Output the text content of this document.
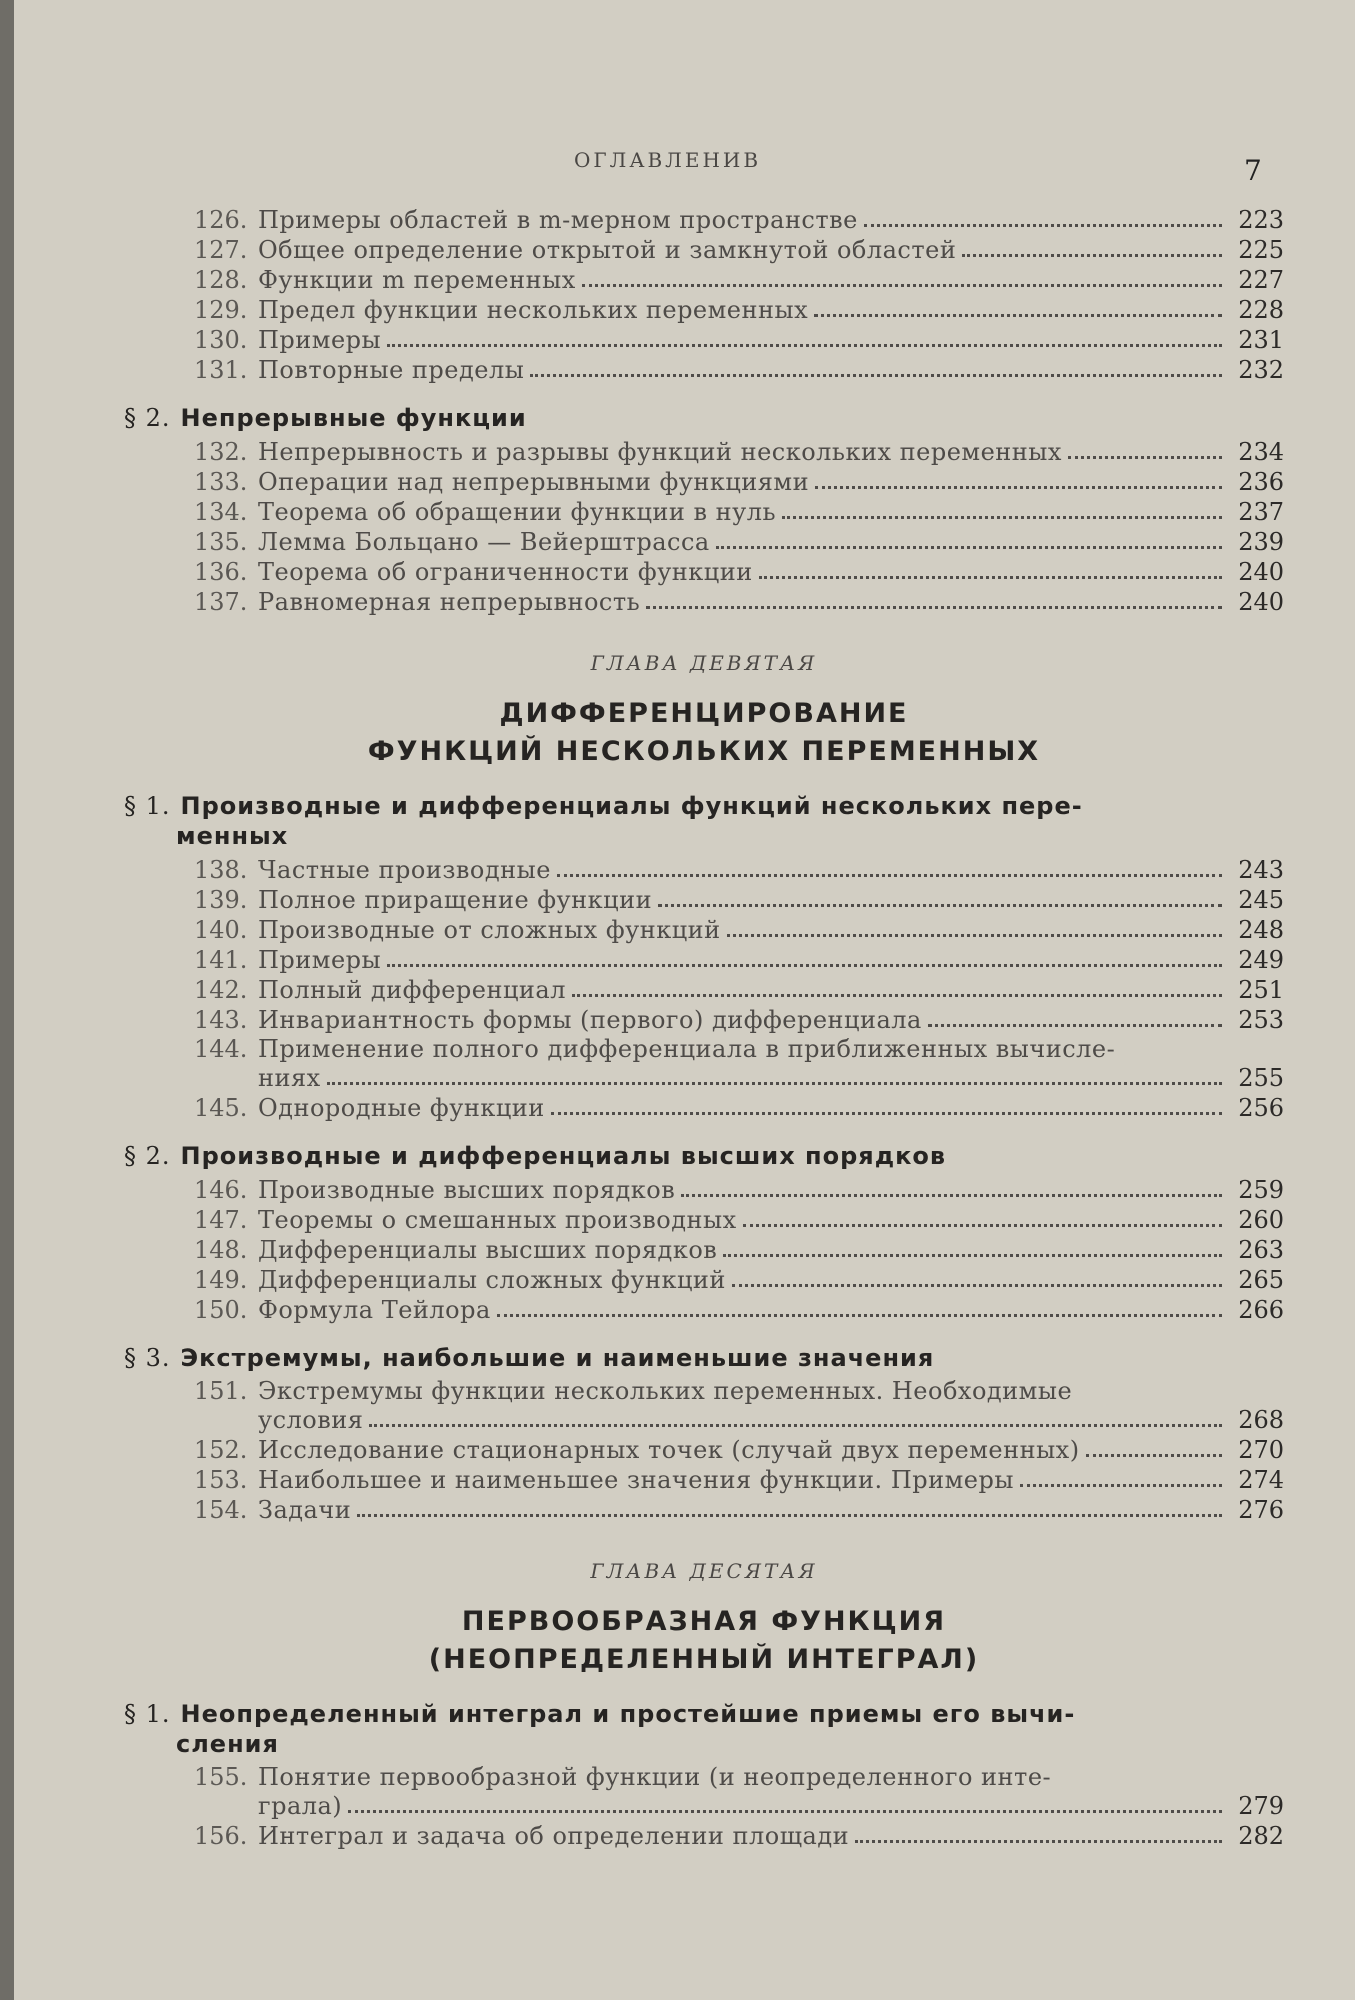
ОГЛАВЛЕНИВ	7
126. Примеры областей в m-мерном пространстве	223
127. Общее определение открытой и замкнутой областей	225
128. Функции m переменных	227
129. Предел функции нескольких переменных	228
130. Примеры	231
131. Повторные пределы	232
§ 2. Непрерывные функции
132. Непрерывность и разрывы функций нескольких переменных	234
133. Операции над непрерывными функциями	236
134. Теорема об обращении функции в нуль	237
135. Лемма Больцано — Вейерштрасса	239
136. Теорема об ограниченности функции	240
137. Равномерная непрерывность	240
ГЛАВА ДЕВЯТАЯ
ДИФФЕРЕНЦИРОВАНИЕ
ФУНКЦИЙ НЕСКОЛЬКИХ ПЕРЕМЕННЫХ
§ 1. Производные и дифференциалы функций нескольких пере-
менных
138. Частные производные	243
139. Полное приращение функции	245
140. Производные от сложных функций	248
141. Примеры	249
142. Полный дифференциал	251
143. Инвариантность формы (первого) дифференциала	253
144. Применение полного дифференциала в приближенных вычисле-
ниях	255
145. Однородные функции	256
§ 2. Производные и дифференциалы высших порядков
146. Производные высших порядков	259
147. Теоремы о смешанных производных	260
148. Дифференциалы высших порядков	263
149. Дифференциалы сложных функций	265
150. Формула Тейлора	266
§ 3. Экстремумы, наибольшие и наименьшие значения
151. Экстремумы функции нескольких переменных. Необходимые
условия	268
152. Исследование стационарных точек (случай двух переменных)	270
153. Наибольшее и наименьшее значения функции. Примеры	274
154. Задачи	276
ГЛАВА ДЕСЯТАЯ
ПЕРВООБРАЗНАЯ ФУНКЦИЯ
(НЕОПРЕДЕЛЕННЫЙ ИНТЕГРАЛ)
§ 1. Неопределенный интеграл и простейшие приемы его вычи-
сления
155. Понятие первообразной функции (и неопределенного инте-
грала)	279
156. Интеграл и задача об определении площади	282
